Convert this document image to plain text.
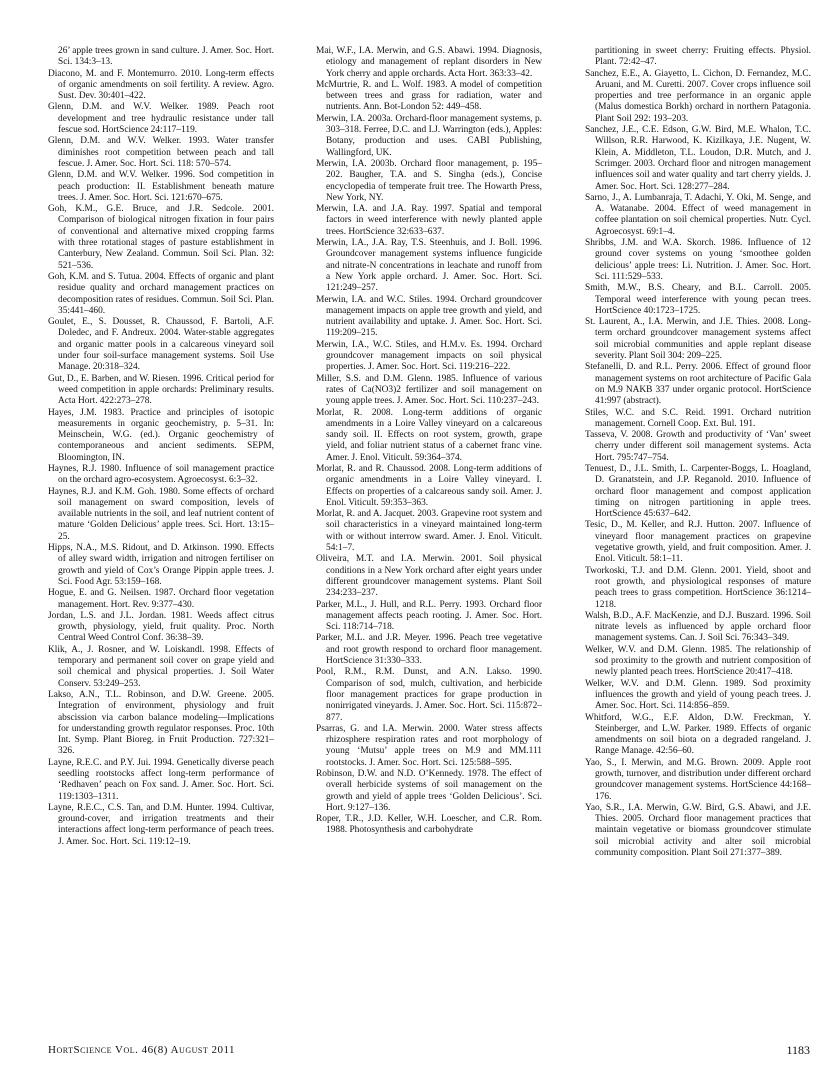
26’ apple trees grown in sand culture. J. Amer. Soc. Hort. Sci. 134:3–13.

Diacono, M. and F. Montemurro. 2010. Long-term effects of organic amendments on soil fertility. A review. Agro. Sust. Dev. 30:401–422.

Glenn, D.M. and W.V. Welker. 1989. Peach root development and tree hydraulic resistance under tall fescue sod. HortScience 24:117–119.

Glenn, D.M. and W.V. Welker. 1993. Water transfer diminishes root competition between peach and tall fescue. J. Amer. Soc. Hort. Sci. 118: 570–574.

Glenn, D.M. and W.V. Welker. 1996. Sod competition in peach production: II. Establishment beneath mature trees. J. Amer. Soc. Hort. Sci. 121:670–675.

Goh, K.M., G.E. Bruce, and J.R. Sedcole. 2001. Comparison of biological nitrogen fixation in four pairs of conventional and alternative mixed cropping farms with three rotational stages of pasture establishment in Canterbury, New Zealand. Commun. Soil Sci. Plan. 32: 521–536.

Goh, K.M. and S. Tutua. 2004. Effects of organic and plant residue quality and orchard management practices on decomposition rates of residues. Commun. Soil Sci. Plan. 35:441–460.

Goulet, E., S. Dousset, R. Chaussod, F. Bartoli, A.F. Doledec, and F. Andreux. 2004. Water-stable aggregates and organic matter pools in a calcareous vineyard soil under four soil-surface management systems. Soil Use Manage. 20:318–324.

Gut, D., E. Barben, and W. Riesen. 1996. Critical period for weed competition in apple orchards: Preliminary results. Acta Hort. 422:273–278.

Hayes, J.M. 1983. Practice and principles of isotopic measurements in organic geochemistry, p. 5–31. In: Meinschein, W.G. (ed.). Organic geochemistry of contemporaneous and ancient sediments. SEPM, Bloomington, IN.

Haynes, R.J. 1980. Influence of soil management practice on the orchard agro-ecosystem. Agroecosyst. 6:3–32.

Haynes, R.J. and K.M. Goh. 1980. Some effects of orchard soil management on sward composition, levels of available nutrients in the soil, and leaf nutrient content of mature ‘Golden Delicious’ apple trees. Sci. Hort. 13:15–25.

Hipps, N.A., M.S. Ridout, and D. Atkinson. 1990. Effects of alley sward width, irrigation and nitrogen fertiliser on growth and yield of Cox’s Orange Pippin apple trees. J. Sci. Food Agr. 53:159–168.

Hogue, E. and G. Neilsen. 1987. Orchard floor vegetation management. Hort. Rev. 9:377–430.

Jordan, L.S. and J.L. Jordan. 1981. Weeds affect citrus growth, physiology, yield, fruit quality. Proc. North Central Weed Control Conf. 36:38–39.

Klik, A., J. Rosner, and W. Loiskandl. 1998. Effects of temporary and permanent soil cover on grape yield and soil chemical and physical properties. J. Soil Water Conserv. 53:249–253.

Lakso, A.N., T.L. Robinson, and D.W. Greene. 2005. Integration of environment, physiology and fruit abscission via carbon balance modeling—Implications for understanding growth regulator responses. Proc. 10th Int. Symp. Plant Bioreg. in Fruit Production. 727:321–326.

Layne, R.E.C. and P.Y. Jui. 1994. Genetically diverse peach seedling rootstocks affect long-term performance of ‘Redhaven’ peach on Fox sand. J. Amer. Soc. Hort. Sci. 119:1303–1311.

Layne, R.E.C., C.S. Tan, and D.M. Hunter. 1994. Cultivar, ground-cover, and irrigation treatments and their interactions affect long-term performance of peach trees. J. Amer. Soc. Hort. Sci. 119:12–19.

Mai, W.F., I.A. Merwin, and G.S. Abawi. 1994. Diagnosis, etiology and management of replant disorders in New York cherry and apple orchards. Acta Hort. 363:33–42.

McMurtrie, R. and L. Wolf. 1983. A model of competition between trees and grass for radiation, water and nutrients. Ann. Bot-London 52: 449–458.

Merwin, I.A. 2003a. Orchard-floor management systems, p. 303–318. Ferree, D.C. and I.J. Warrington (eds.), Apples: Botany, production and uses. CABI Publishing, Wallingford, UK.

Merwin, I.A. 2003b. Orchard floor management, p. 195–202. Baugher, T.A. and S. Singha (eds.), Concise encyclopedia of temperate fruit tree. The Howarth Press, New York, NY.

Merwin, I.A. and J.A. Ray. 1997. Spatial and temporal factors in weed interference with newly planted apple trees. HortScience 32:633–637.

Merwin, I.A., J.A. Ray, T.S. Steenhuis, and J. Boll. 1996. Groundcover management systems influence fungicide and nitrate-N concentrations in leachate and runoff from a New York apple orchard. J. Amer. Soc. Hort. Sci. 121:249–257.

Merwin, I.A. and W.C. Stiles. 1994. Orchard groundcover management impacts on apple tree growth and yield, and nutrient availability and uptake. J. Amer. Soc. Hort. Sci. 119:209–215.

Merwin, I.A., W.C. Stiles, and H.M.v. Es. 1994. Orchard groundcover management impacts on soil physical properties. J. Amer. Soc. Hort. Sci. 119:216–222.

Miller, S.S. and D.M. Glenn. 1985. Influence of various rates of Ca(NO3)2 fertilizer and soil management on young apple trees. J. Amer. Soc. Hort. Sci. 110:237–243.

Morlat, R. 2008. Long-term additions of organic amendments in a Loire Valley vineyard on a calcareous sandy soil. II. Effects on root system, growth, grape yield, and foliar nutrient status of a cabernet franc vine. Amer. J. Enol. Viticult. 59:364–374.

Morlat, R. and R. Chaussod. 2008. Long-term additions of organic amendments in a Loire Valley vineyard. I. Effects on properties of a calcareous sandy soil. Amer. J. Enol. Viticult. 59:353–363.

Morlat, R. and A. Jacquet. 2003. Grapevine root system and soil characteristics in a vineyard maintained long-term with or without interrow sward. Amer. J. Enol. Viticult. 54:1–7.

Oliveira, M.T. and I.A. Merwin. 2001. Soil physical conditions in a New York orchard after eight years under different groundcover management systems. Plant Soil 234:233–237.

Parker, M.L., J. Hull, and R.L. Perry. 1993. Orchard floor management affects peach rooting. J. Amer. Soc. Hort. Sci. 118:714–718.

Parker, M.L. and J.R. Meyer. 1996. Peach tree vegetative and root growth respond to orchard floor management. HortScience 31:330–333.

Pool, R.M., R.M. Dunst, and A.N. Lakso. 1990. Comparison of sod, mulch, cultivation, and herbicide floor management practices for grape production in nonirrigated vineyards. J. Amer. Soc. Hort. Sci. 115:872–877.

Psarras, G. and I.A. Merwin. 2000. Water stress affects rhizosphere respiration rates and root morphology of young ‘Mutsu’ apple trees on M.9 and MM.111 rootstocks. J. Amer. Soc. Hort. Sci. 125:588–595.

Robinson, D.W. and N.D. O’Kennedy. 1978. The effect of overall herbicide systems of soil management on the growth and yield of apple trees ‘Golden Delicious’. Sci. Hort. 9:127–136.

Roper, T.R., J.D. Keller, W.H. Loescher, and C.R. Rom. 1988. Photosynthesis and carbohydrate

partitioning in sweet cherry: Fruiting effects. Physiol. Plant. 72:42–47.

Sanchez, E.E., A. Giayetto, L. Cichon, D. Fernandez, M.C. Aruani, and M. Curetti. 2007. Cover crops influence soil properties and tree performance in an organic apple (Malus domestica Borkh) orchard in northern Patagonia. Plant Soil 292: 193–203.

Sanchez, J.E., C.E. Edson, G.W. Bird, M.E. Whalon, T.C. Willson, R.R. Harwood, K. Kizilkaya, J.E. Nugent, W. Klein, A. Middleton, T.L. Loudon, D.R. Mutch, and J. Scrimger. 2003. Orchard floor and nitrogen management influences soil and water quality and tart cherry yields. J. Amer. Soc. Hort. Sci. 128:277–284.

Sarno, J., A. Lumbanraja, T. Adachi, Y. Oki, M. Senge, and A. Watanabe. 2004. Effect of weed management in coffee plantation on soil chemical properties. Nutr. Cycl. Agroecosyst. 69:1–4.

Shribbs, J.M. and W.A. Skorch. 1986. Influence of 12 ground cover systems on young ‘smoothee golden delicious’ apple trees: Li. Nutrition. J. Amer. Soc. Hort. Sci. 111:529–533.

Smith, M.W., B.S. Cheary, and B.L. Carroll. 2005. Temporal weed interference with young pecan trees. HortScience 40:1723–1725.

St. Laurent, A., I.A. Merwin, and J.E. Thies. 2008. Long-term orchard groundcover management systems affect soil microbial communities and apple replant disease severity. Plant Soil 304: 209–225.

Stefanelli, D. and R.L. Perry. 2006. Effect of ground floor management systems on root architecture of Pacific Gala on M.9 NAKB 337 under organic protocol. HortScience 41:997 (abstract).

Stiles, W.C. and S.C. Reid. 1991. Orchard nutrition management. Cornell Coop. Ext. Bul. 191.

Tasseva, V. 2008. Growth and productivity of ‘Van’ sweet cherry under different soil management systems. Acta Hort. 795:747–754.

Tenuest, D., J.L. Smith, L. Carpenter-Boggs, L. Hoagland, D. Granatstein, and J.P. Reganold. 2010. Influence of orchard floor management and compost application timing on nitrogen partitioning in apple trees. HortScience 45:637–642.

Tesic, D., M. Keller, and R.J. Hutton. 2007. Influence of vineyard floor management practices on grapevine vegetative growth, yield, and fruit composition. Amer. J. Enol. Viticult. 58:1–11.

Tworkoski, T.J. and D.M. Glenn. 2001. Yield, shoot and root growth, and physiological responses of mature peach trees to grass competition. HortScience 36:1214–1218.

Walsh, B.D., A.F. MacKenzie, and D.J. Buszard. 1996. Soil nitrate levels as influenced by apple orchard floor management systems. Can. J. Soil Sci. 76:343–349.

Welker, W.V. and D.M. Glenn. 1985. The relationship of sod proximity to the growth and nutrient composition of newly planted peach trees. HortScience 20:417–418.

Welker, W.V. and D.M. Glenn. 1989. Sod proximity influences the growth and yield of young peach trees. J. Amer. Soc. Hort. Sci. 114:856–859.

Whitford, W.G., E.F. Aldon, D.W. Freckman, Y. Steinberger, and L.W. Parker. 1989. Effects of organic amendments on soil biota on a degraded rangeland. J. Range Manage. 42:56–60.

Yao, S., I. Merwin, and M.G. Brown. 2009. Apple root growth, turnover, and distribution under different orchard groundcover management systems. HortScience 44:168–176.

Yao, S.R., I.A. Merwin, G.W. Bird, G.S. Abawi, and J.E. Thies. 2005. Orchard floor management practices that maintain vegetative or biomass groundcover stimulate soil microbial activity and alter soil microbial community composition. Plant Soil 271:377–389.

HortScience Vol. 46(8) August 2011	1183
